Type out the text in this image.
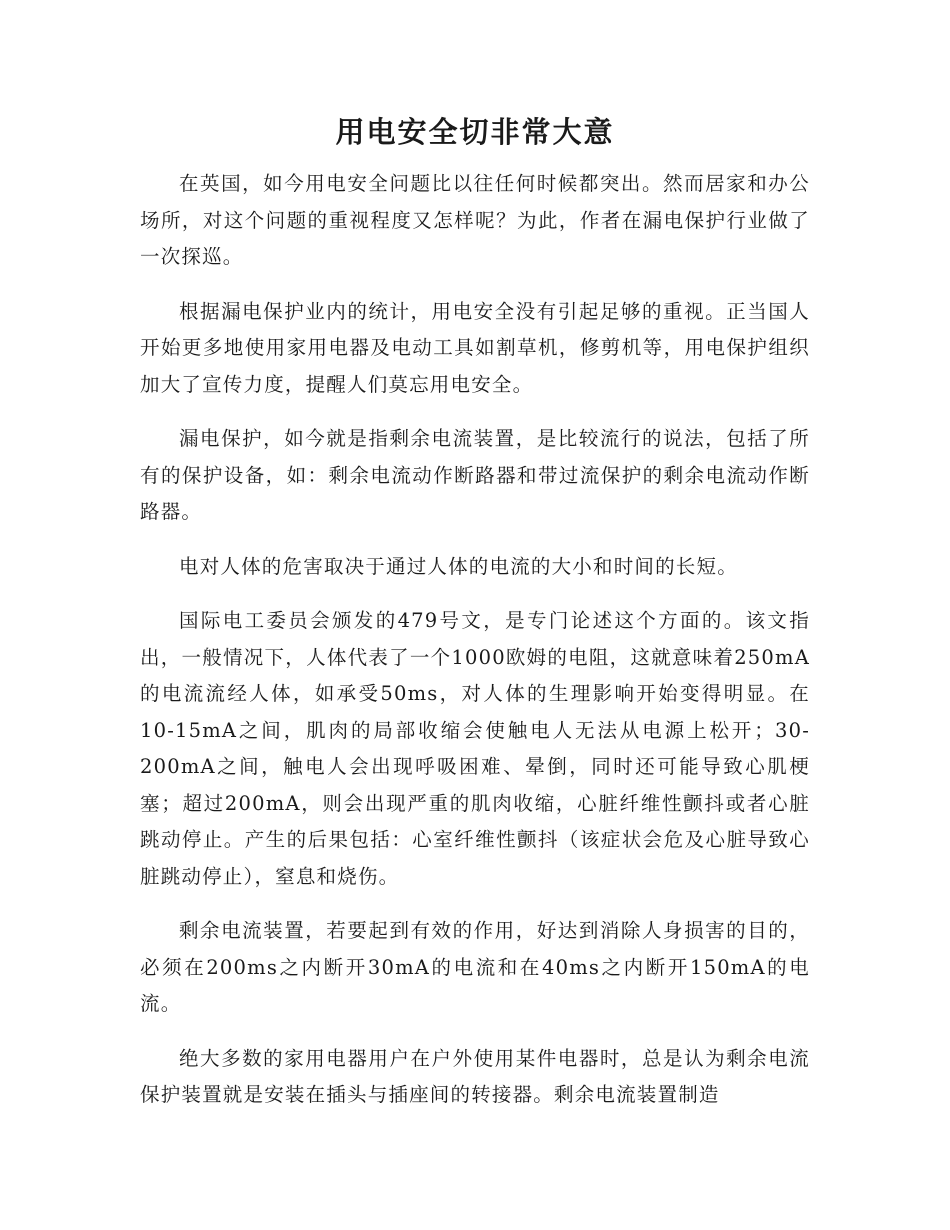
用电安全切非常大意

在英国，如今用电安全问题比以往任何时候都突出。然而居家和办公场所，对这个问题的重视程度又怎样呢？为此，作者在漏电保护行业做了一次探巡。

根据漏电保护业内的统计，用电安全没有引起足够的重视。正当国人开始更多地使用家用电器及电动工具如割草机，修剪机等，用电保护组织加大了宣传力度，提醒人们莫忘用电安全。

漏电保护，如今就是指剩余电流装置，是比较流行的说法，包括了所有的保护设备，如：剩余电流动作断路器和带过流保护的剩余电流动作断路器。

电对人体的危害取决于通过人体的电流的大小和时间的长短。

国际电工委员会颁发的479号文，是专门论述这个方面的。该文指出，一般情况下，人体代表了一个1000欧姆的电阻，这就意味着250mA的电流流经人体，如承受50ms，对人体的生理影响开始变得明显。在10-15mA之间，肌肉的局部收缩会使触电人无法从电源上松开；30-200mA之间，触电人会出现呼吸困难、晕倒，同时还可能导致心肌梗塞；超过200mA，则会出现严重的肌肉收缩，心脏纤维性颤抖或者心脏跳动停止。产生的后果包括：心室纤维性颤抖（该症状会危及心脏导致心脏跳动停止），窒息和烧伤。

剩余电流装置，若要起到有效的作用，好达到消除人身损害的目的，必须在200ms之内断开30mA的电流和在40ms之内断开150mA的电流。

绝大多数的家用电器用户在户外使用某件电器时，总是认为剩余电流保护装置就是安装在插头与插座间的转接器。剩余电流装置制造
